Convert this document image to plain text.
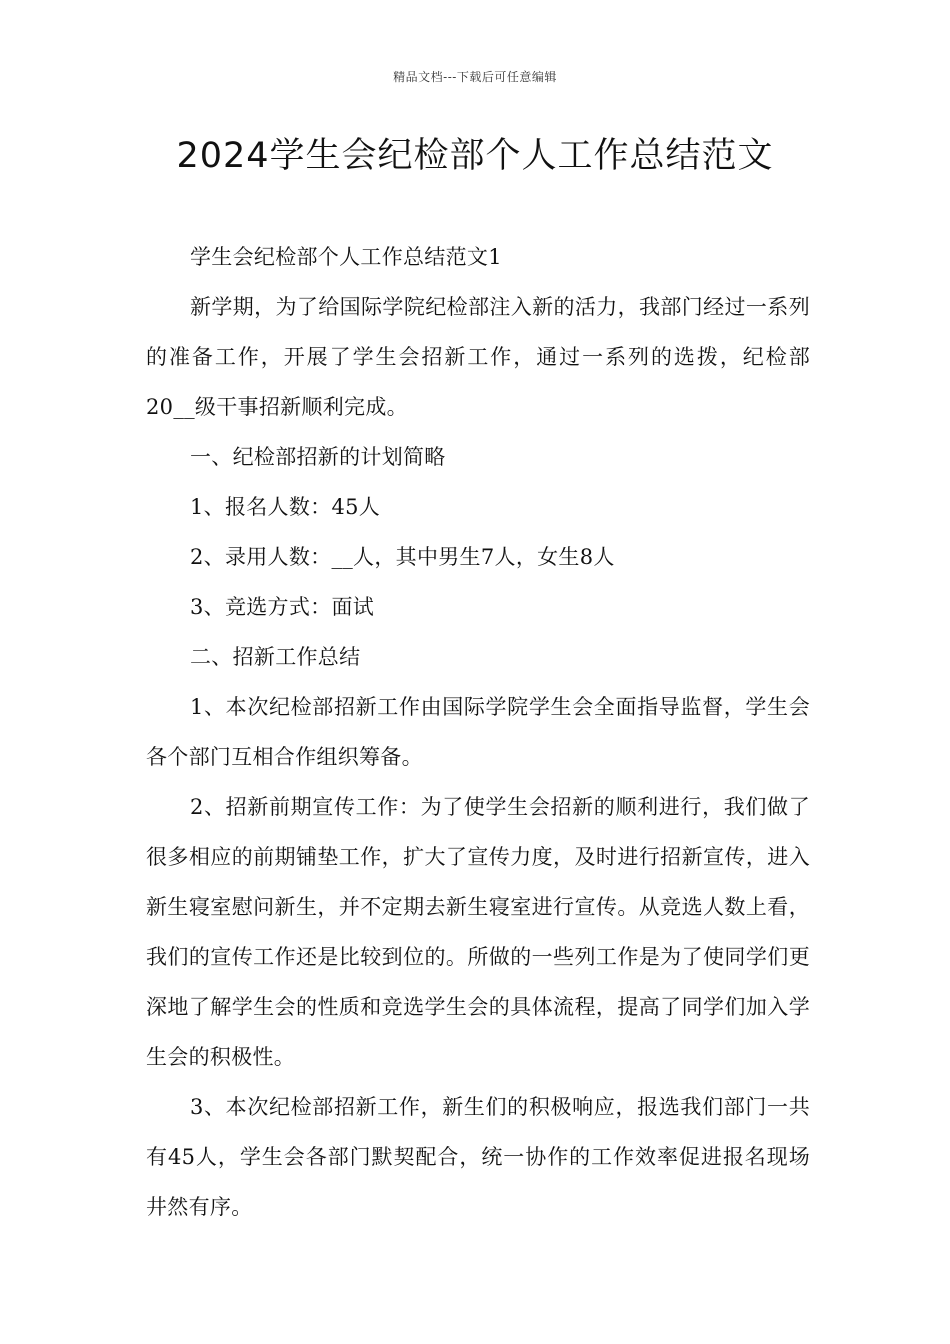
精品文档---下载后可任意编辑
2024学生会纪检部个人工作总结范文

学生会纪检部个人工作总结范文1

新学期，为了给国际学院纪检部注入新的活力，我部门经过一系列的准备工作，开展了学生会招新工作，通过一系列的选拨，纪检部20__级干事招新顺利完成。

一、纪检部招新的计划简略

1、报名人数：45人

2、录用人数：__人，其中男生7人，女生8人

3、竞选方式：面试

二、招新工作总结

1、本次纪检部招新工作由国际学院学生会全面指导监督，学生会各个部门互相合作组织筹备。

2、招新前期宣传工作：为了使学生会招新的顺利进行，我们做了很多相应的前期铺垫工作，扩大了宣传力度，及时进行招新宣传，进入新生寝室慰问新生，并不定期去新生寝室进行宣传。从竞选人数上看，我们的宣传工作还是比较到位的。所做的一些列工作是为了使同学们更深地了解学生会的性质和竞选学生会的具体流程，提高了同学们加入学生会的积极性。

3、本次纪检部招新工作，新生们的积极响应，报选我们部门一共有45人，学生会各部门默契配合，统一协作的工作效率促进报名现场井然有序。
